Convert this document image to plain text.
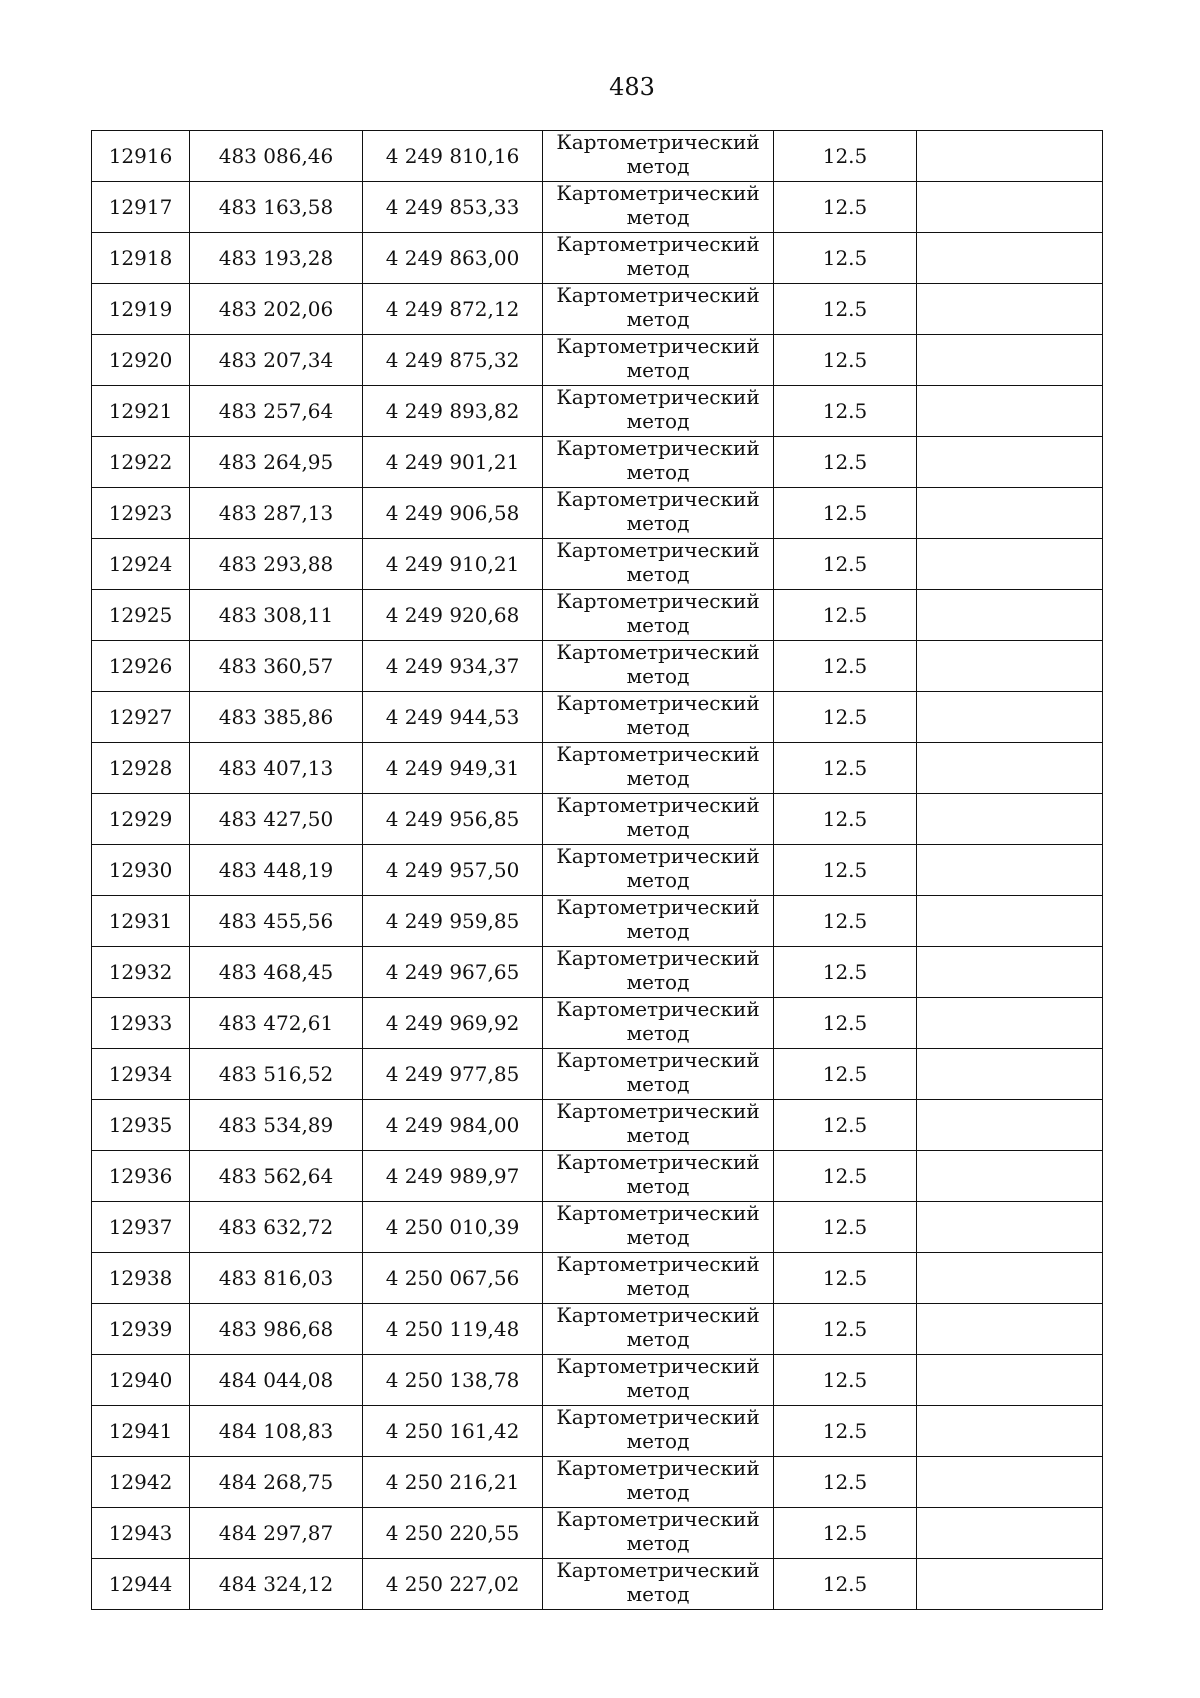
483
12916	483 086,46	4 249 810,16	Картометрический метод	12.5	
12917	483 163,58	4 249 853,33	Картометрический метод	12.5	
12918	483 193,28	4 249 863,00	Картометрический метод	12.5	
12919	483 202,06	4 249 872,12	Картометрический метод	12.5	
12920	483 207,34	4 249 875,32	Картометрический метод	12.5	
12921	483 257,64	4 249 893,82	Картометрический метод	12.5	
12922	483 264,95	4 249 901,21	Картометрический метод	12.5	
12923	483 287,13	4 249 906,58	Картометрический метод	12.5	
12924	483 293,88	4 249 910,21	Картометрический метод	12.5	
12925	483 308,11	4 249 920,68	Картометрический метод	12.5	
12926	483 360,57	4 249 934,37	Картометрический метод	12.5	
12927	483 385,86	4 249 944,53	Картометрический метод	12.5	
12928	483 407,13	4 249 949,31	Картометрический метод	12.5	
12929	483 427,50	4 249 956,85	Картометрический метод	12.5	
12930	483 448,19	4 249 957,50	Картометрический метод	12.5	
12931	483 455,56	4 249 959,85	Картометрический метод	12.5	
12932	483 468,45	4 249 967,65	Картометрический метод	12.5	
12933	483 472,61	4 249 969,92	Картометрический метод	12.5	
12934	483 516,52	4 249 977,85	Картометрический метод	12.5	
12935	483 534,89	4 249 984,00	Картометрический метод	12.5	
12936	483 562,64	4 249 989,97	Картометрический метод	12.5	
12937	483 632,72	4 250 010,39	Картометрический метод	12.5	
12938	483 816,03	4 250 067,56	Картометрический метод	12.5	
12939	483 986,68	4 250 119,48	Картометрический метод	12.5	
12940	484 044,08	4 250 138,78	Картометрический метод	12.5	
12941	484 108,83	4 250 161,42	Картометрический метод	12.5	
12942	484 268,75	4 250 216,21	Картометрический метод	12.5	
12943	484 297,87	4 250 220,55	Картометрический метод	12.5	
12944	484 324,12	4 250 227,02	Картометрический метод	12.5	
